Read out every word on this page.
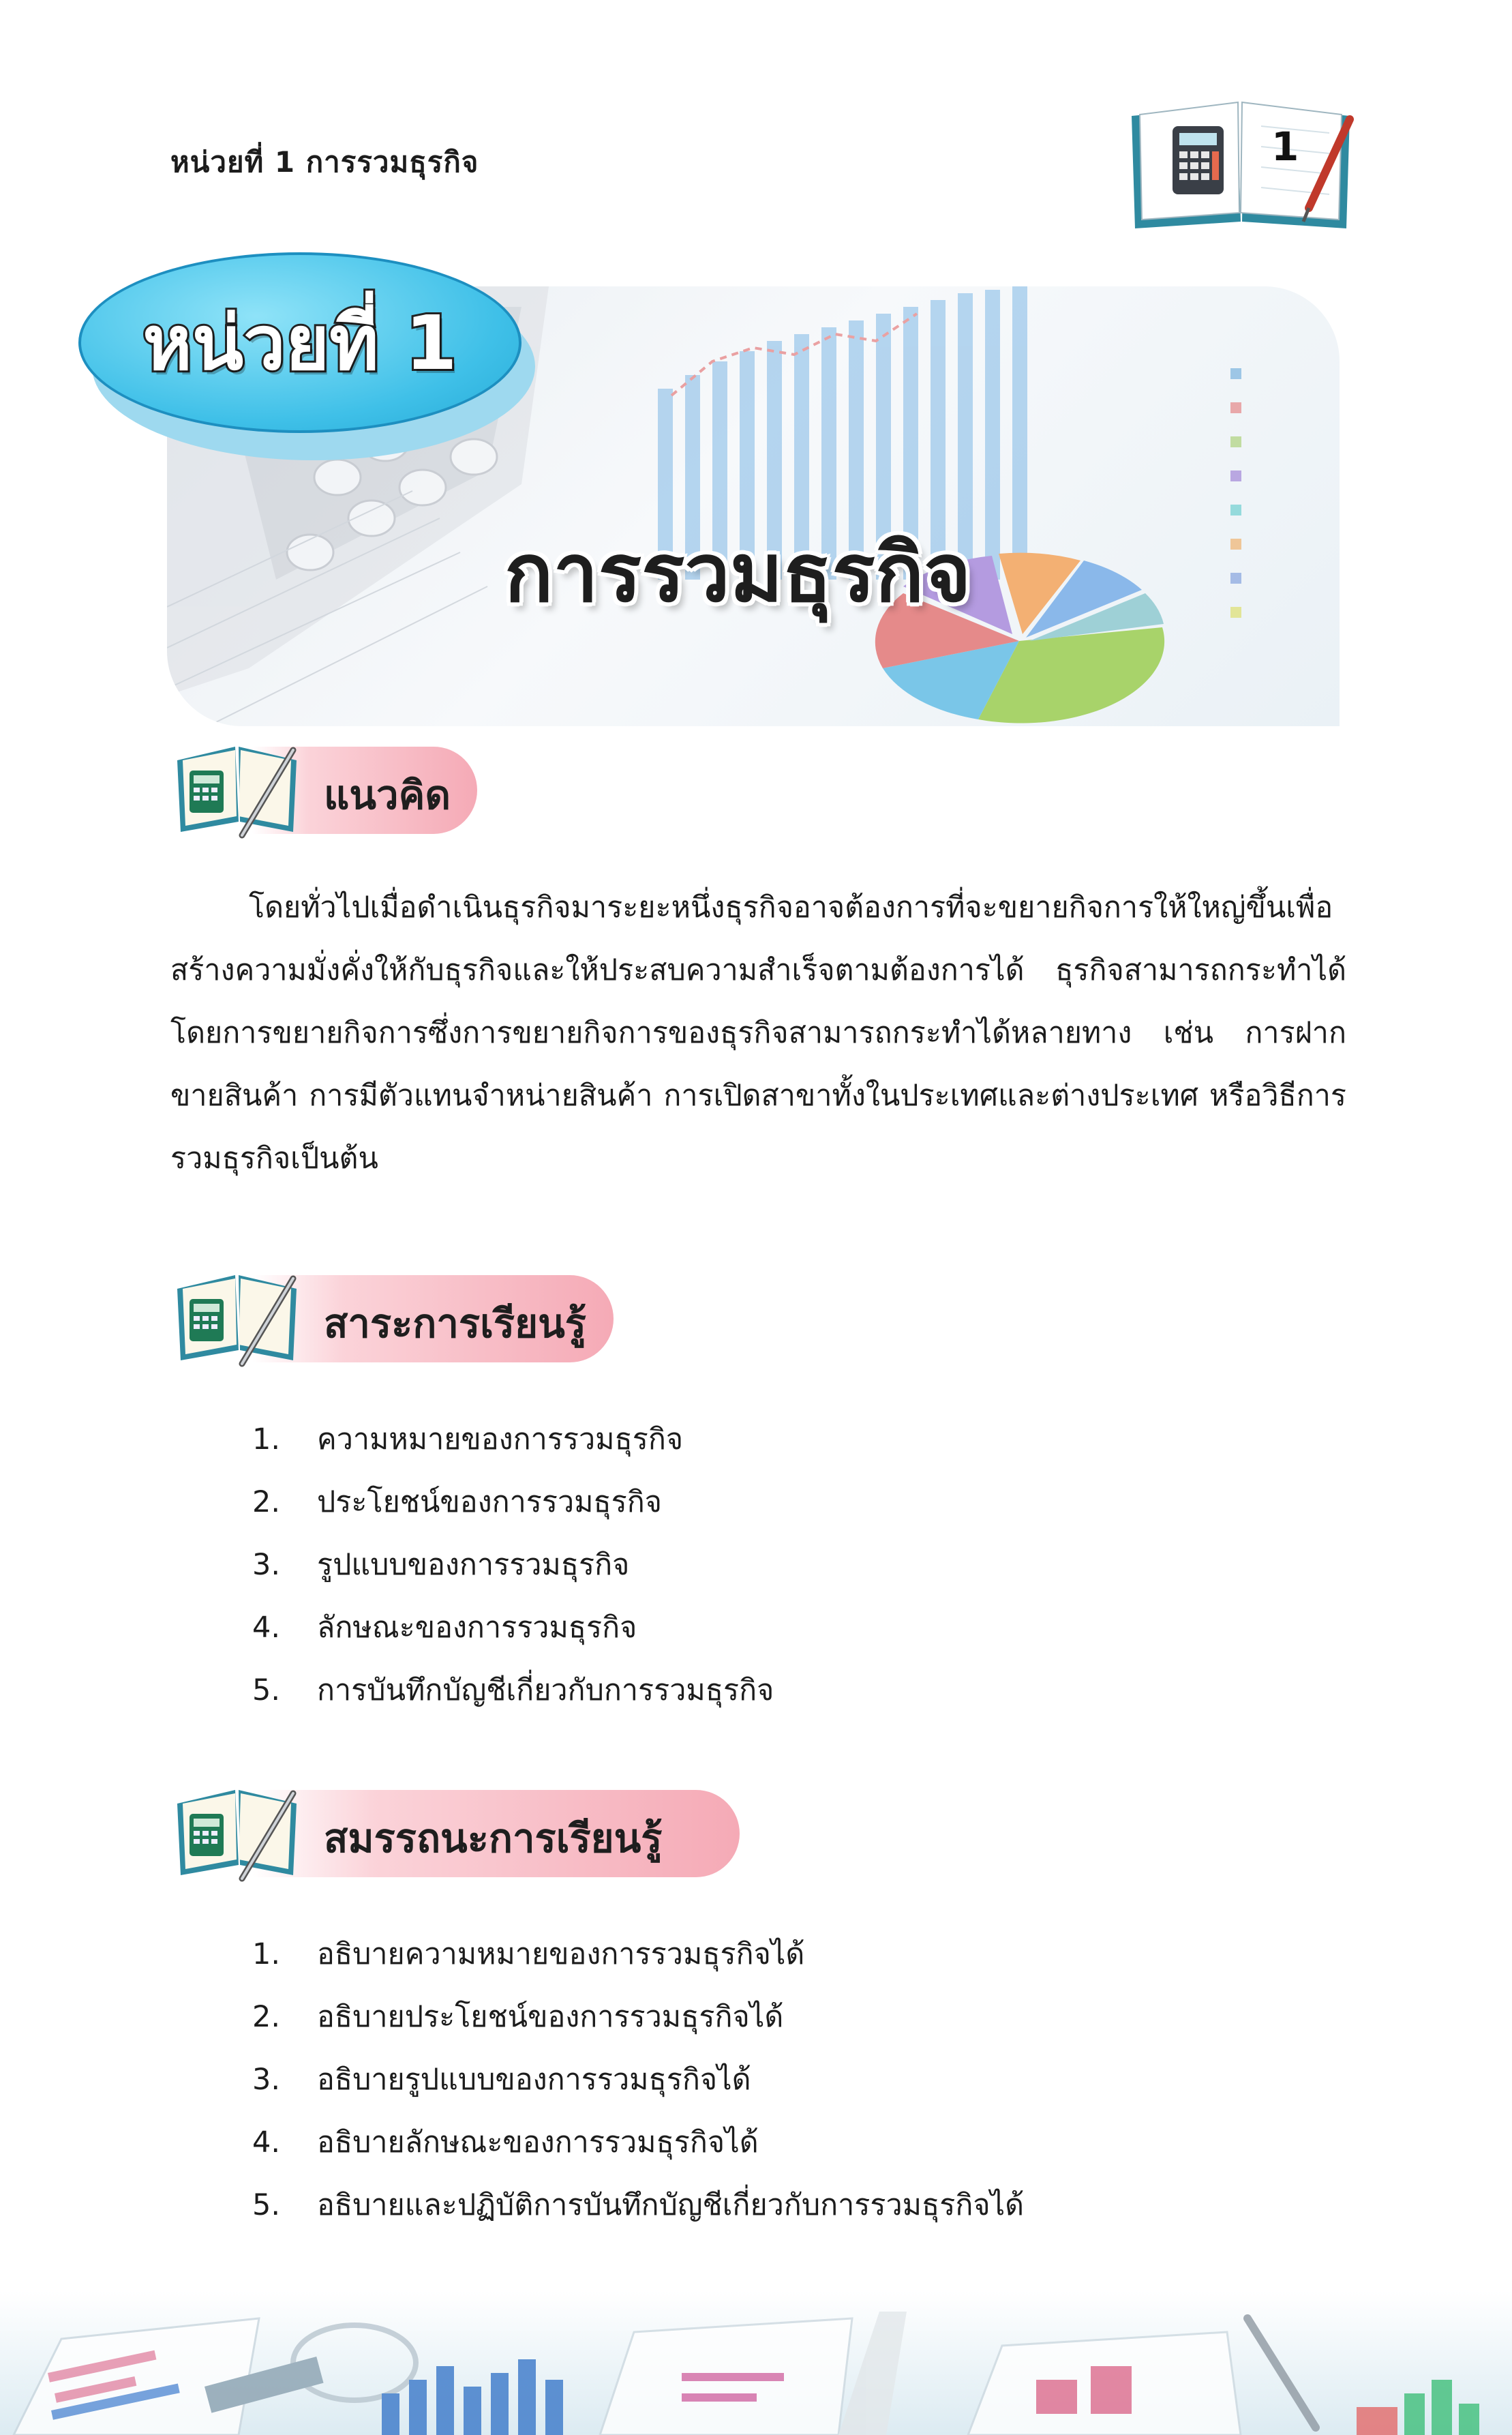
หน่วยที่ 1 การรวมธุรกิจ	1
หน่วยที่ 1
การรวมธุรกิจ
แนวคิด
โดยทั่วไปเมื่อดำเนินธุรกิจมาระยะหนึ่งธุรกิจอาจต้องการที่จะขยายกิจการให้ใหญ่ขึ้นเพื่อสร้างความมั่งคั่งให้กับธุรกิจและให้ประสบความสำเร็จตามต้องการได้ ธุรกิจสามารถกระทำได้โดยการขยายกิจการซึ่งการขยายกิจการของธุรกิจสามารถกระทำได้หลายทาง เช่น การฝากขายสินค้า การมีตัวแทนจำหน่ายสินค้า การเปิดสาขาทั้งในประเทศและต่างประเทศ หรือวิธีการรวมธุรกิจเป็นต้น
สาระการเรียนรู้
1. ความหมายของการรวมธุรกิจ
2. ประโยชน์ของการรวมธุรกิจ
3. รูปแบบของการรวมธุรกิจ
4. ลักษณะของการรวมธุรกิจ
5. การบันทึกบัญชีเกี่ยวกับการรวมธุรกิจ
สมรรถนะการเรียนรู้
1. อธิบายความหมายของการรวมธุรกิจได้
2. อธิบายประโยชน์ของการรวมธุรกิจได้
3. อธิบายรูปแบบของการรวมธุรกิจได้
4. อธิบายลักษณะของการรวมธุรกิจได้
5. อธิบายและปฏิบัติการบันทึกบัญชีเกี่ยวกับการรวมธุรกิจได้
